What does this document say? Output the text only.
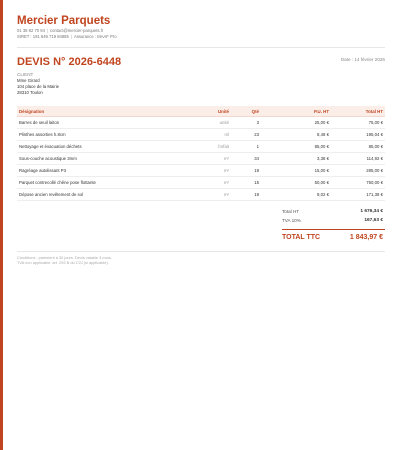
Mercier Parquets
01 38 82 70 94 | contact@mercier-parquets.fr
SIRET : 191 649 719 84885 | Assurance : MAAF Pro
DEVIS N° 2026-6448	Date : 14 février 2026
CLIENT
Mme Girard
104 place de la Mairie
28310 Toulon
Désignation	Unité	Qté	P.U. HT	Total HT
Barres de seuil laiton	unité	3	25,00 €	75,00 €
Plinthes assorties h.8cm	ml	23	8,48 €	195,04 €
Nettoyage et évacuation déchets	forfait	1	85,00 €	85,00 €
Sous-couche acoustique 3mm	m²	34	3,38 €	114,92 €
Ragréage autolissant P3	m²	19	15,00 €	285,00 €
Parquet contrecollé chêne pose flottante	m²	15	50,00 €	750,00 €
Dépose ancien revêtement de sol	m²	19	9,02 €	171,38 €
Total HT	1 676,34 €
TVA 10%	167,63 €
TOTAL TTC	1 843,97 €
Conditions : paiement à 30 jours. Devis valable 3 mois.
TVA non applicable, art. 293 B du CGI (si applicable).
